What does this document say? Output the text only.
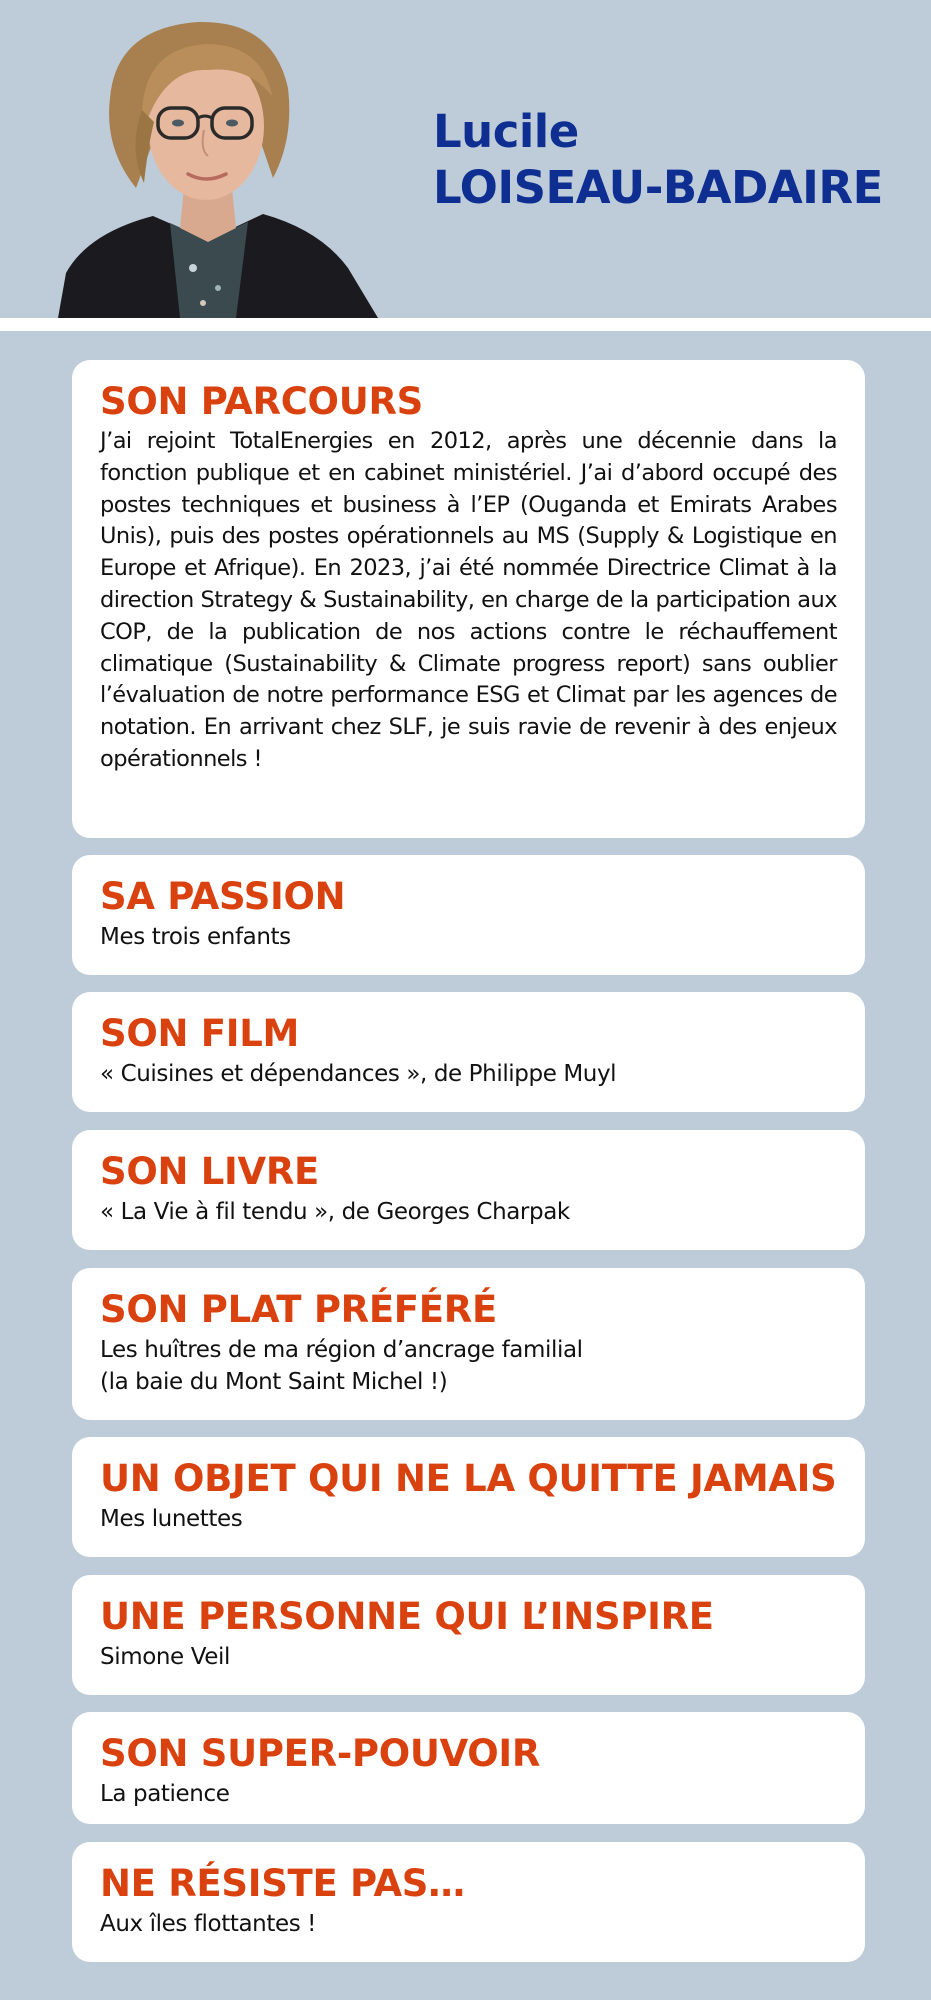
Lucile
LOISEAU-BADAIRE
SON PARCOURS
J’ai rejoint TotalEnergies en 2012, après une décennie dans la fonction publique et en cabinet ministériel. J’ai d’abord occupé des postes techniques et business à l’EP (Ouganda et Emirats Arabes Unis), puis des postes opérationnels au MS (Supply & Logistique en Europe et Afrique). En 2023, j’ai été nommée Directrice Climat à la direction Strategy & Sustainability, en charge de la participation aux COP, de la publication de nos actions contre le réchauffement climatique (Sustainability & Climate progress report) sans oublier l’évaluation de notre performance ESG et Climat par les agences de notation. En arrivant chez SLF, je suis ravie de revenir à des enjeux opérationnels !
SA PASSION
Mes trois enfants
SON FILM
« Cuisines et dépendances », de Philippe Muyl
SON LIVRE
« La Vie à fil tendu », de Georges Charpak
SON PLAT PRÉFÉRÉ
Les huîtres de ma région d’ancrage familial
(la baie du Mont Saint Michel !)
UN OBJET QUI NE LA QUITTE JAMAIS
Mes lunettes
UNE PERSONNE QUI L’INSPIRE
Simone Veil
SON SUPER-POUVOIR
La patience
NE RÉSISTE PAS…
Aux îles flottantes !
